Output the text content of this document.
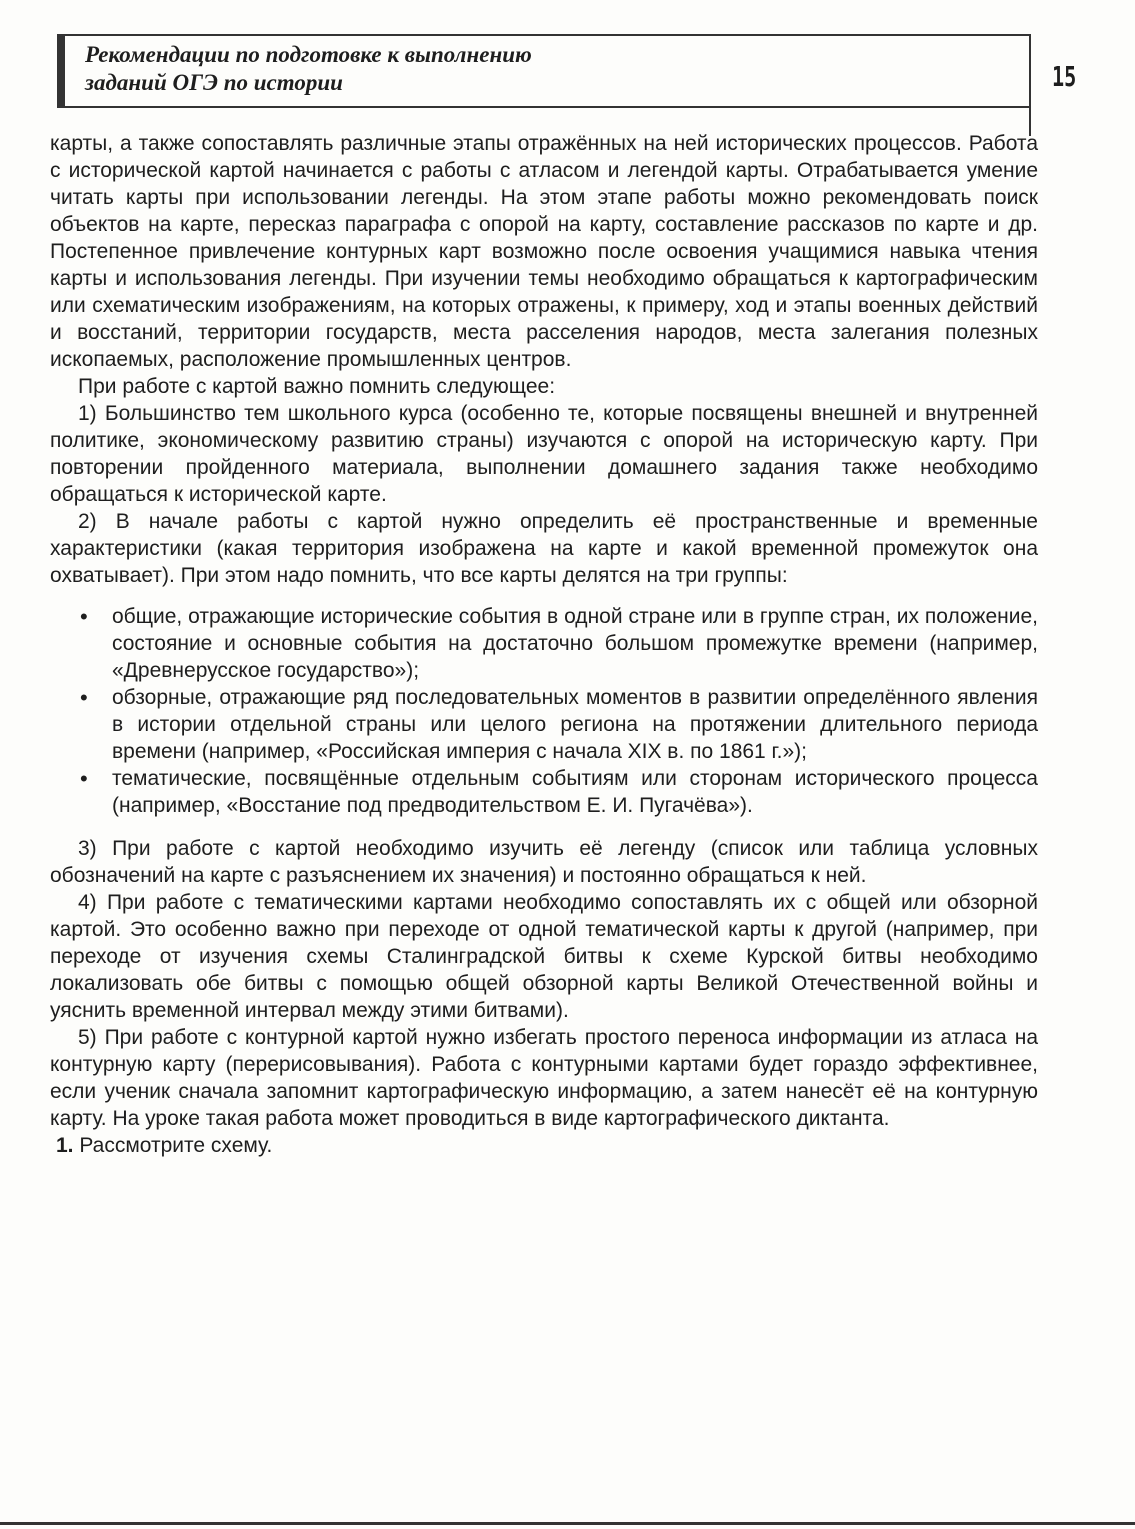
Рекомендации по подготовке к выполнению

заданий ОГЭ по истории	15

карты, а также сопоставлять различные этапы отражённых на ней исторических процессов. Работа с исторической картой начинается с работы с атласом и легендой карты. Отрабатывается умение читать карты при использовании легенды. На этом этапе работы можно рекомендовать поиск объектов на карте, пересказ параграфа с опорой на карту, составление рассказов по карте и др. Постепенное привлечение контурных карт возможно после освоения учащимися навыка чтения карты и использования легенды. При изучении темы необходимо обращаться к картографическим или схематическим изображениям, на которых отражены, к примеру, ход и этапы военных действий и восстаний, территории государств, места расселения народов, места залегания полезных ископаемых, расположение промышленных центров.

При работе с картой важно помнить следующее:

1) Большинство тем школьного курса (особенно те, которые посвящены внешней и внутренней политике, экономическому развитию страны) изучаются с опорой на историческую карту. При повторении пройденного материала, выполнении домашнего задания также необходимо обращаться к исторической карте.

2) В начале работы с картой нужно определить её пространственные и временные характеристики (какая территория изображена на карте и какой временной промежуток она охватывает). При этом надо помнить, что все карты делятся на три группы:

• общие, отражающие исторические события в одной стране или в группе стран, их положение, состояние и основные события на достаточно большом промежутке времени (например, «Древнерусское государство»);
• обзорные, отражающие ряд последовательных моментов в развитии определённого явления в истории отдельной страны или целого региона на протяжении длительного периода времени (например, «Российская империя с начала XIX в. по 1861 г.»);
• тематические, посвящённые отдельным событиям или сторонам исторического процесса (например, «Восстание под предводительством Е. И. Пугачёва»).

3) При работе с картой необходимо изучить её легенду (список или таблица условных обозначений на карте с разъяснением их значения) и постоянно обращаться к ней.

4) При работе с тематическими картами необходимо сопоставлять их с общей или обзорной картой. Это особенно важно при переходе от одной тематической карты к другой (например, при переходе от изучения схемы Сталинградской битвы к схеме Курской битвы необходимо локализовать обе битвы с помощью общей обзорной карты Великой Отечественной войны и уяснить временной интервал между этими битвами).

5) При работе с контурной картой нужно избегать простого переноса информации из атласа на контурную карту (перерисовывания). Работа с контурными картами будет гораздо эффективнее, если ученик сначала запомнит картографическую информацию, а затем нанесёт её на контурную карту. На уроке такая работа может проводиться в виде картографического диктанта.

1. Рассмотрите схему.
